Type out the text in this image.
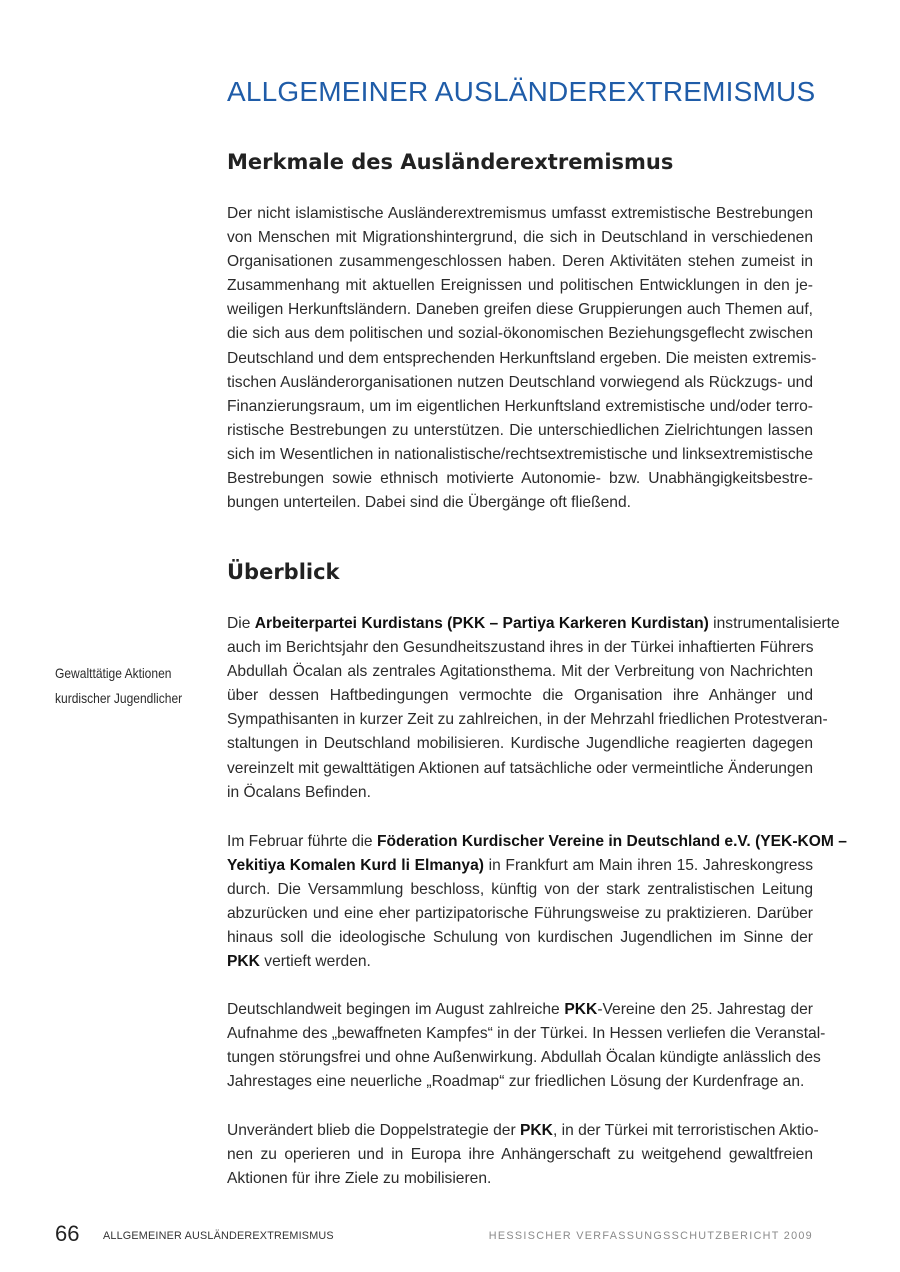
ALLGEMEINER AUSLÄNDEREXTREMISMUS
Merkmale des Ausländerextremismus
Der nicht islamistische Ausländerextremismus umfasst extremistische Bestrebungen
von Menschen mit Migrationshintergrund, die sich in Deutschland in verschiedenen
Organisationen zusammengeschlossen haben. Deren Aktivitäten stehen zumeist in
Zusammenhang mit aktuellen Ereignissen und politischen Entwicklungen in den je-
weiligen Herkunftsländern. Daneben greifen diese Gruppierungen auch Themen auf,
die sich aus dem politischen und sozial-ökonomischen Beziehungsgeflecht zwischen
Deutschland und dem entsprechenden Herkunftsland ergeben. Die meisten extremis-
tischen Ausländerorganisationen nutzen Deutschland vorwiegend als Rückzugs- und
Finanzierungsraum, um im eigentlichen Herkunftsland extremistische und/oder terro-
ristische Bestrebungen zu unterstützen. Die unterschiedlichen Zielrichtungen lassen
sich im Wesentlichen in nationalistische/rechtsextremistische und linksextremistische
Bestrebungen sowie ethnisch motivierte Autonomie- bzw. Unabhängigkeitsbestre-
bungen unterteilen. Dabei sind die Übergänge oft fließend.
Überblick
Gewalttätige Aktionen
kurdischer Jugendlicher
Die Arbeiterpartei Kurdistans (PKK – Partiya Karkeren Kurdistan) instrumentalisierte
auch im Berichtsjahr den Gesundheitszustand ihres in der Türkei inhaftierten Führers
Abdullah Öcalan als zentrales Agitationsthema. Mit der Verbreitung von Nachrichten
über dessen Haftbedingungen vermochte die Organisation ihre Anhänger und
Sympathisanten in kurzer Zeit zu zahlreichen, in der Mehrzahl friedlichen Protestveran-
staltungen in Deutschland mobilisieren. Kurdische Jugendliche reagierten dagegen
vereinzelt mit gewalttätigen Aktionen auf tatsächliche oder vermeintliche Änderungen
in Öcalans Befinden.
Im Februar führte die Föderation Kurdischer Vereine in Deutschland e.V. (YEK-KOM –
Yekitiya Komalen Kurd li Elmanya) in Frankfurt am Main ihren 15. Jahreskongress
durch. Die Versammlung beschloss, künftig von der stark zentralistischen Leitung
abzurücken und eine eher partizipatorische Führungsweise zu praktizieren. Darüber
hinaus soll die ideologische Schulung von kurdischen Jugendlichen im Sinne der
PKK vertieft werden.
Deutschlandweit begingen im August zahlreiche PKK-Vereine den 25. Jahrestag der
Aufnahme des „bewaffneten Kampfes“ in der Türkei. In Hessen verliefen die Veranstal-
tungen störungsfrei und ohne Außenwirkung. Abdullah Öcalan kündigte anlässlich des
Jahrestages eine neuerliche „Roadmap“ zur friedlichen Lösung der Kurdenfrage an.
Unverändert blieb die Doppelstrategie der PKK, in der Türkei mit terroristischen Aktio-
nen zu operieren und in Europa ihre Anhängerschaft zu weitgehend gewaltfreien
Aktionen für ihre Ziele zu mobilisieren.
66 ALLGEMEINER AUSLÄNDEREXTREMISMUS	HESSISCHER VERFASSUNGSSCHUTZBERICHT 2009
